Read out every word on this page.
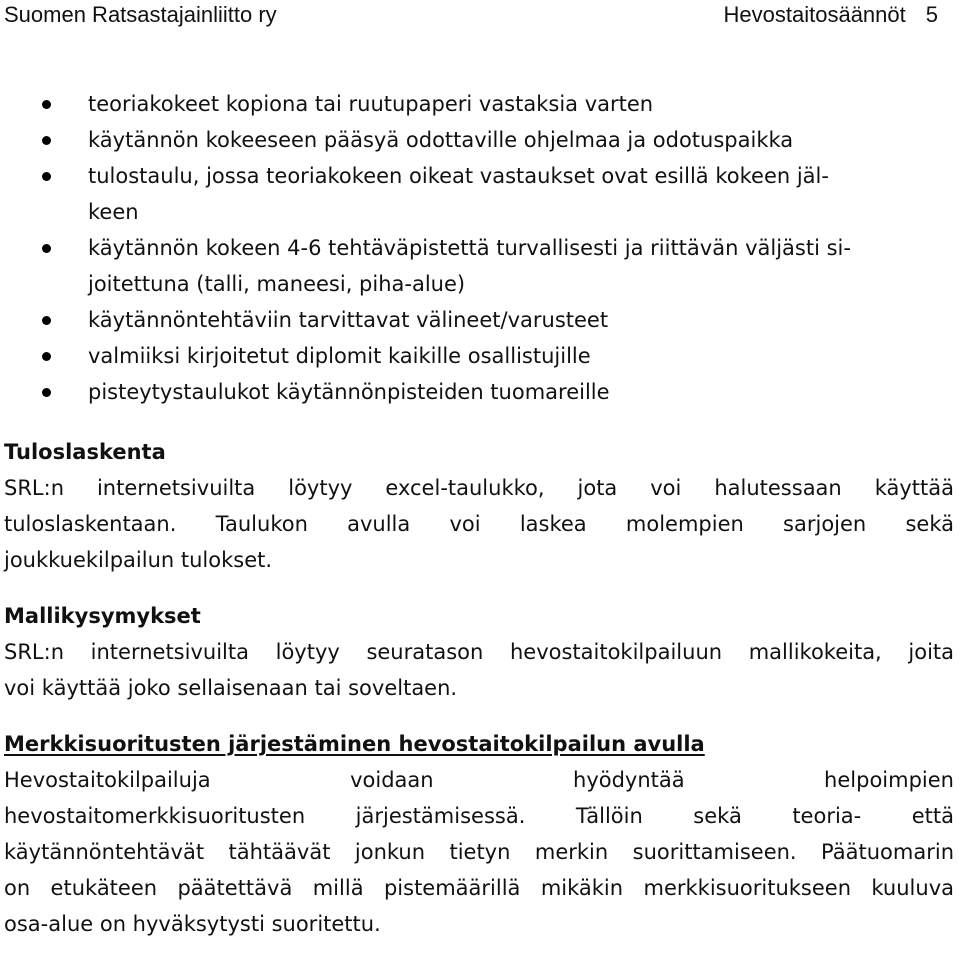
Suomen Ratsastajainliitto ry	Hevostaitosäännöt 5
teoriakokeet kopiona tai ruutupaperi vastaksia varten
käytännön kokeeseen pääsyä odottaville ohjelmaa ja odotuspaikka
tulostaulu, jossa teoriakokeen oikeat vastaukset ovat esillä kokeen jäl-
keen
käytännön kokeen 4-6 tehtäväpistettä turvallisesti ja riittävän väljästi si-
joitettuna (talli, maneesi, piha-alue)
käytännöntehtäviin tarvittavat välineet/varusteet
valmiiksi kirjoitetut diplomit kaikille osallistujille
pisteytystaulukot käytännönpisteiden tuomareille
Tuloslaskenta
SRL:n internetsivuilta löytyy excel-taulukko, jota voi halutessaan käyttää
tuloslaskentaan. Taulukon avulla voi laskea molempien sarjojen sekä
joukkuekilpailun tulokset.
Mallikysymykset
SRL:n internetsivuilta löytyy seuratason hevostaitokilpailuun mallikokeita, joita
voi käyttää joko sellaisenaan tai soveltaen.
Merkkisuoritusten järjestäminen hevostaitokilpailun avulla
Hevostaitokilpailuja voidaan hyödyntää helpoimpien
hevostaitomerkkisuoritusten järjestämisessä. Tällöin sekä teoria- että
käytännöntehtävät tähtäävät jonkun tietyn merkin suorittamiseen. Päätuomarin
on etukäteen päätettävä millä pistemäärillä mikäkin merkkisuoritukseen kuuluva
osa-alue on hyväksytysti suoritettu.
